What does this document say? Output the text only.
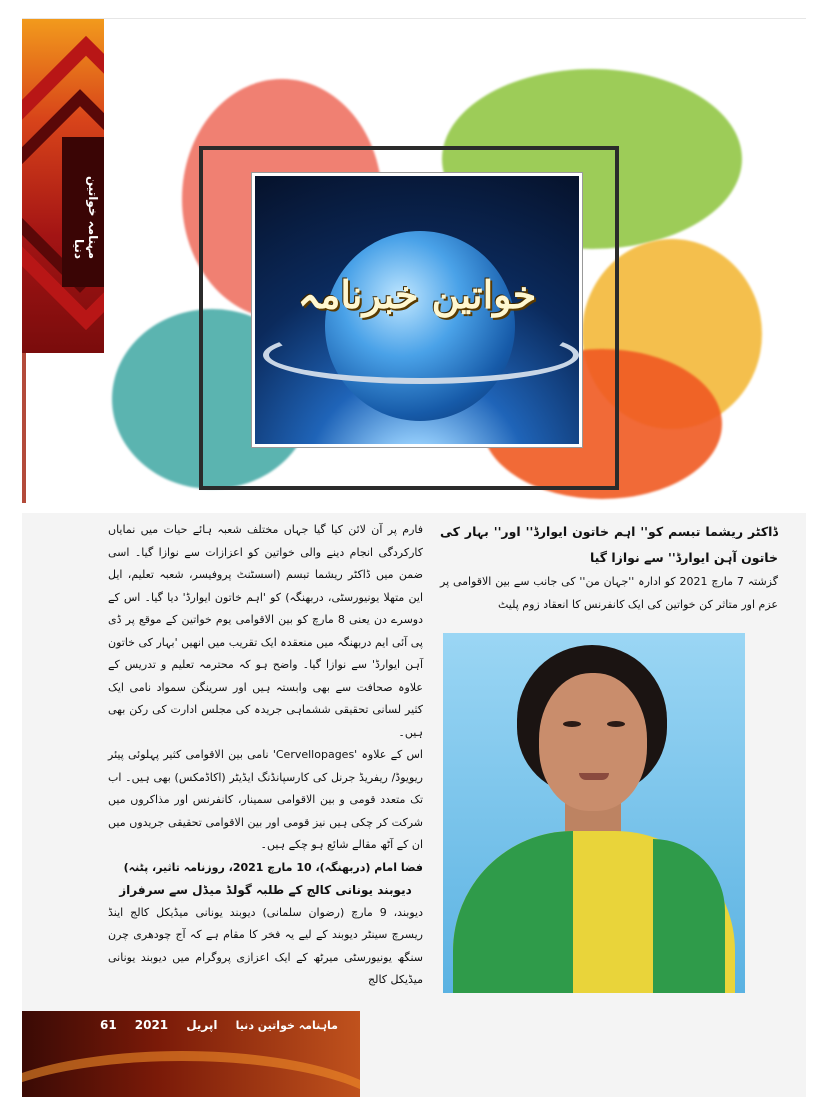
خواتین خبرنامہ
مہنامہ خواتین دنیا

ڈاکٹر ریشما تبسم کو'' اہم خاتون ایوارڈ'' اور'' بہار کی خاتون آہن ایوارڈ'' سے نوازا گیا

گزشتہ 7 مارچ 2021 کو ادارہ ''جہان من'' کی جانب سے بین الاقوامی پر عزم اور متاثر کن خواتین کی ایک کانفرنس کا انعقاد زوم پلیٹ

فارم پر آن لائن کیا گیا جہاں مختلف شعبہ ہائے حیات میں نمایاں کارکردگی انجام دینے والی خواتین کو اعزازات سے نوازا گیا۔ اسی ضمن میں ڈاکٹر ریشما تبسم (اسسٹنٹ پروفیسر، شعبہ تعلیم، ایل این متھلا یونیورسٹی، دربھنگہ) کو 'اہم خاتون ایوارڈ' دیا گیا۔ اس کے دوسرے دن یعنی 8 مارچ کو بین الاقوامی یوم خواتین کے موقع پر ڈی پی آئی ایم دربھنگہ میں منعقدہ ایک تقریب میں انھیں 'بہار کی خاتون آہن ایوارڈ' سے نوازا گیا۔ واضح ہو کہ محترمہ تعلیم و تدریس کے علاوہ صحافت سے بھی وابستہ ہیں اور سرینگن سمواد نامی ایک کثیر لسانی تحقیقی ششماہی جریدہ کی مجلس ادارت کی رکن بھی ہیں۔

اس کے علاوہ 'Cervellopages' نامی بین الاقوامی کثیر پہلوئی پیئر ریویوڈ/ ریفریڈ جرنل کی کارسپانڈنگ ایڈیٹر (اکاڈمکس) بھی ہیں۔ اب تک متعدد قومی و بین الاقوامی سمینار، کانفرنس اور مذاکروں میں شرکت کر چکی ہیں نیز قومی اور بین الاقوامی تحقیقی جریدوں میں ان کے آٹھ مقالے شائع ہو چکے ہیں۔

فضا امام (دربھنگہ)، 10 مارچ 2021، روزنامہ تاثیر، پٹنہ)

دیوبند یونانی کالج کے طلبہ گولڈ میڈل سے سرفراز

دیوبند، 9 مارچ (رضوان سلمانی) دیوبند یونانی میڈیکل کالج اینڈ ریسرچ سینٹر دیوبند کے لیے یہ فخر کا مقام ہے کہ آج چودھری چرن سنگھ یونیورسٹی میرٹھ کے ایک اعزازی پروگرام میں دیوبند یونانی میڈیکل کالج

61 2021 اپریل ماہنامہ خواتین دنیا
